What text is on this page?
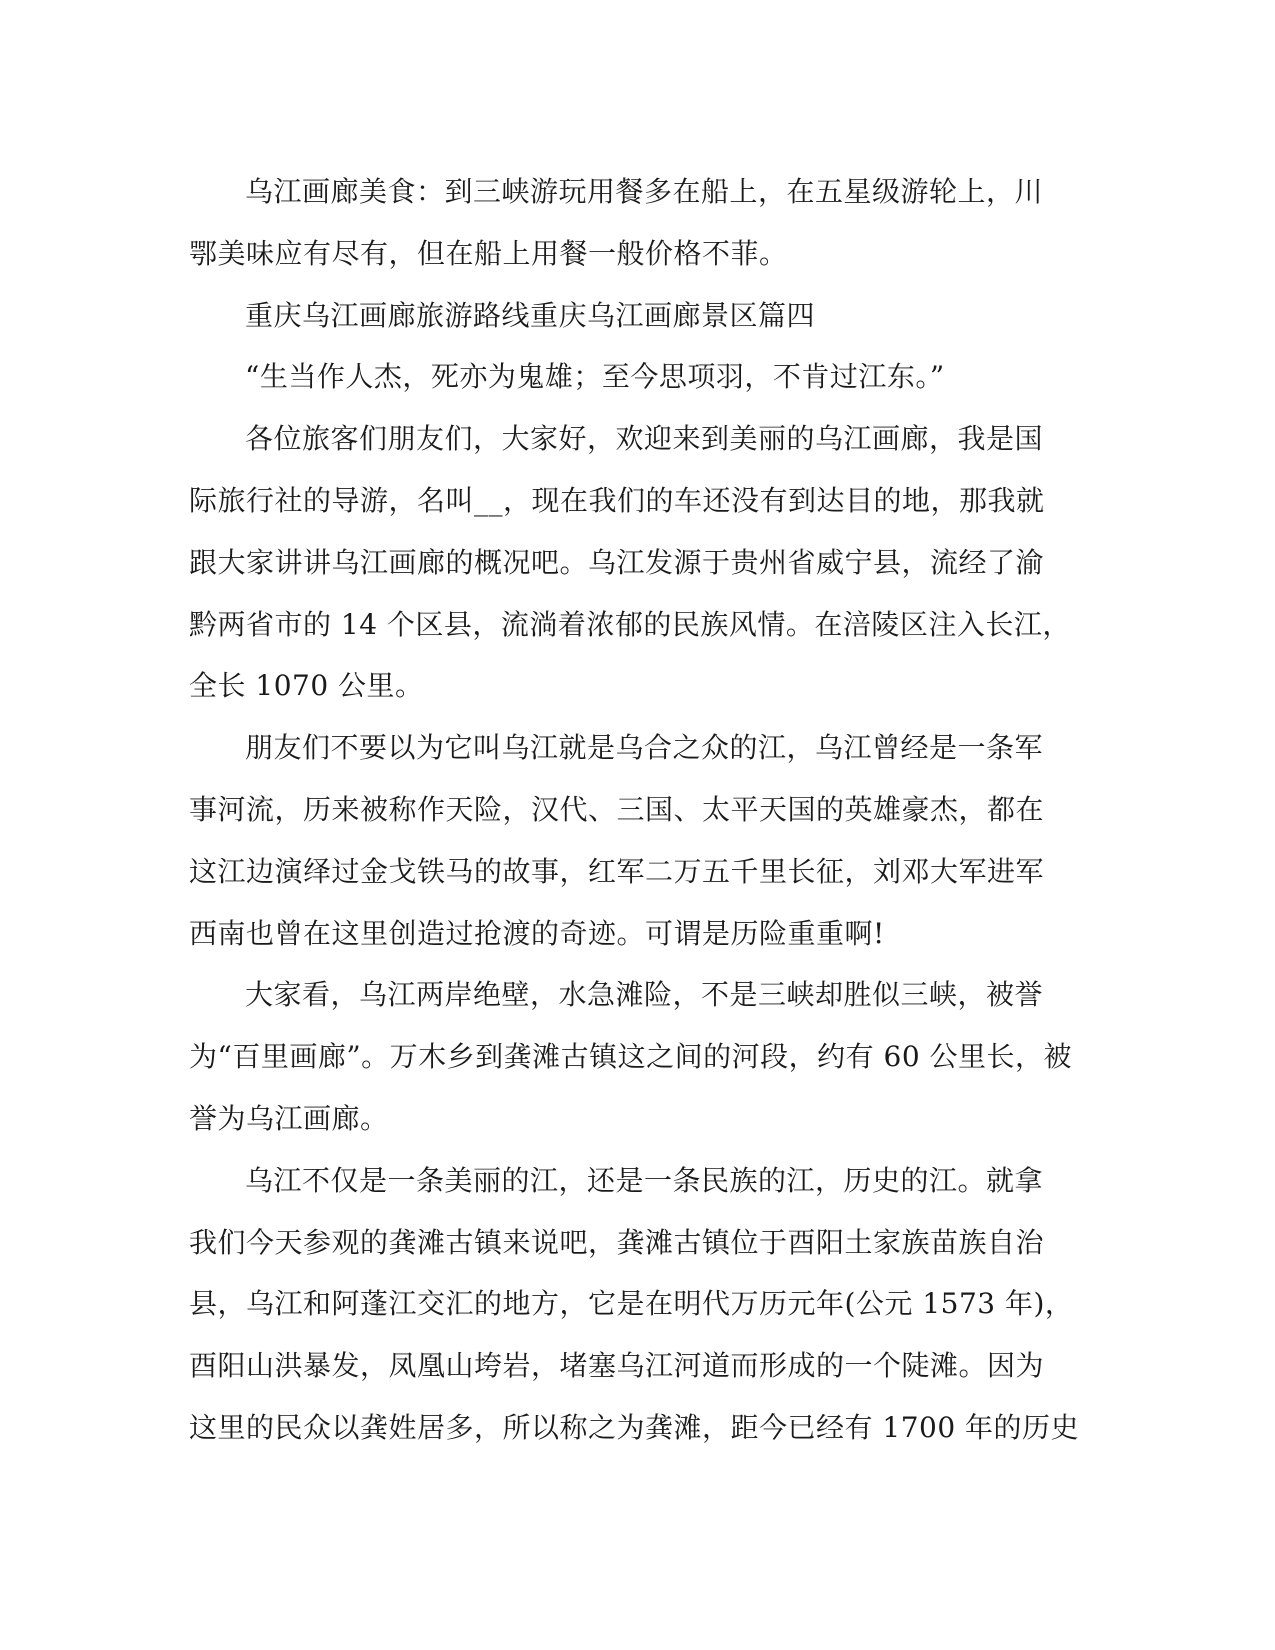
乌江画廊美食：到三峡游玩用餐多在船上，在五星级游轮上，川
鄂美味应有尽有，但在船上用餐一般价格不菲。

重庆乌江画廊旅游路线重庆乌江画廊景区篇四

“生当作人杰，死亦为鬼雄；至今思项羽，不肯过江东。”

各位旅客们朋友们，大家好，欢迎来到美丽的乌江画廊，我是国
际旅行社的导游，名叫__，现在我们的车还没有到达目的地，那我就
跟大家讲讲乌江画廊的概况吧。乌江发源于贵州省威宁县，流经了渝
黔两省市的 14 个区县，流淌着浓郁的民族风情。在涪陵区注入长江，
全长 1070 公里。

朋友们不要以为它叫乌江就是乌合之众的江，乌江曾经是一条军
事河流，历来被称作天险，汉代、三国、太平天国的英雄豪杰，都在
这江边演绎过金戈铁马的故事，红军二万五千里长征，刘邓大军进军
西南也曾在这里创造过抢渡的奇迹。可谓是历险重重啊!

大家看，乌江两岸绝壁，水急滩险，不是三峡却胜似三峡，被誉
为“百里画廊”。万木乡到龚滩古镇这之间的河段，约有 60 公里长，被
誉为乌江画廊。

乌江不仅是一条美丽的江，还是一条民族的江，历史的江。就拿
我们今天参观的龚滩古镇来说吧，龚滩古镇位于酉阳土家族苗族自治
县，乌江和阿蓬江交汇的地方，它是在明代万历元年(公元 1573 年)，
酉阳山洪暴发，凤凰山垮岩，堵塞乌江河道而形成的一个陡滩。因为
这里的民众以龚姓居多，所以称之为龚滩，距今已经有 1700 年的历史
